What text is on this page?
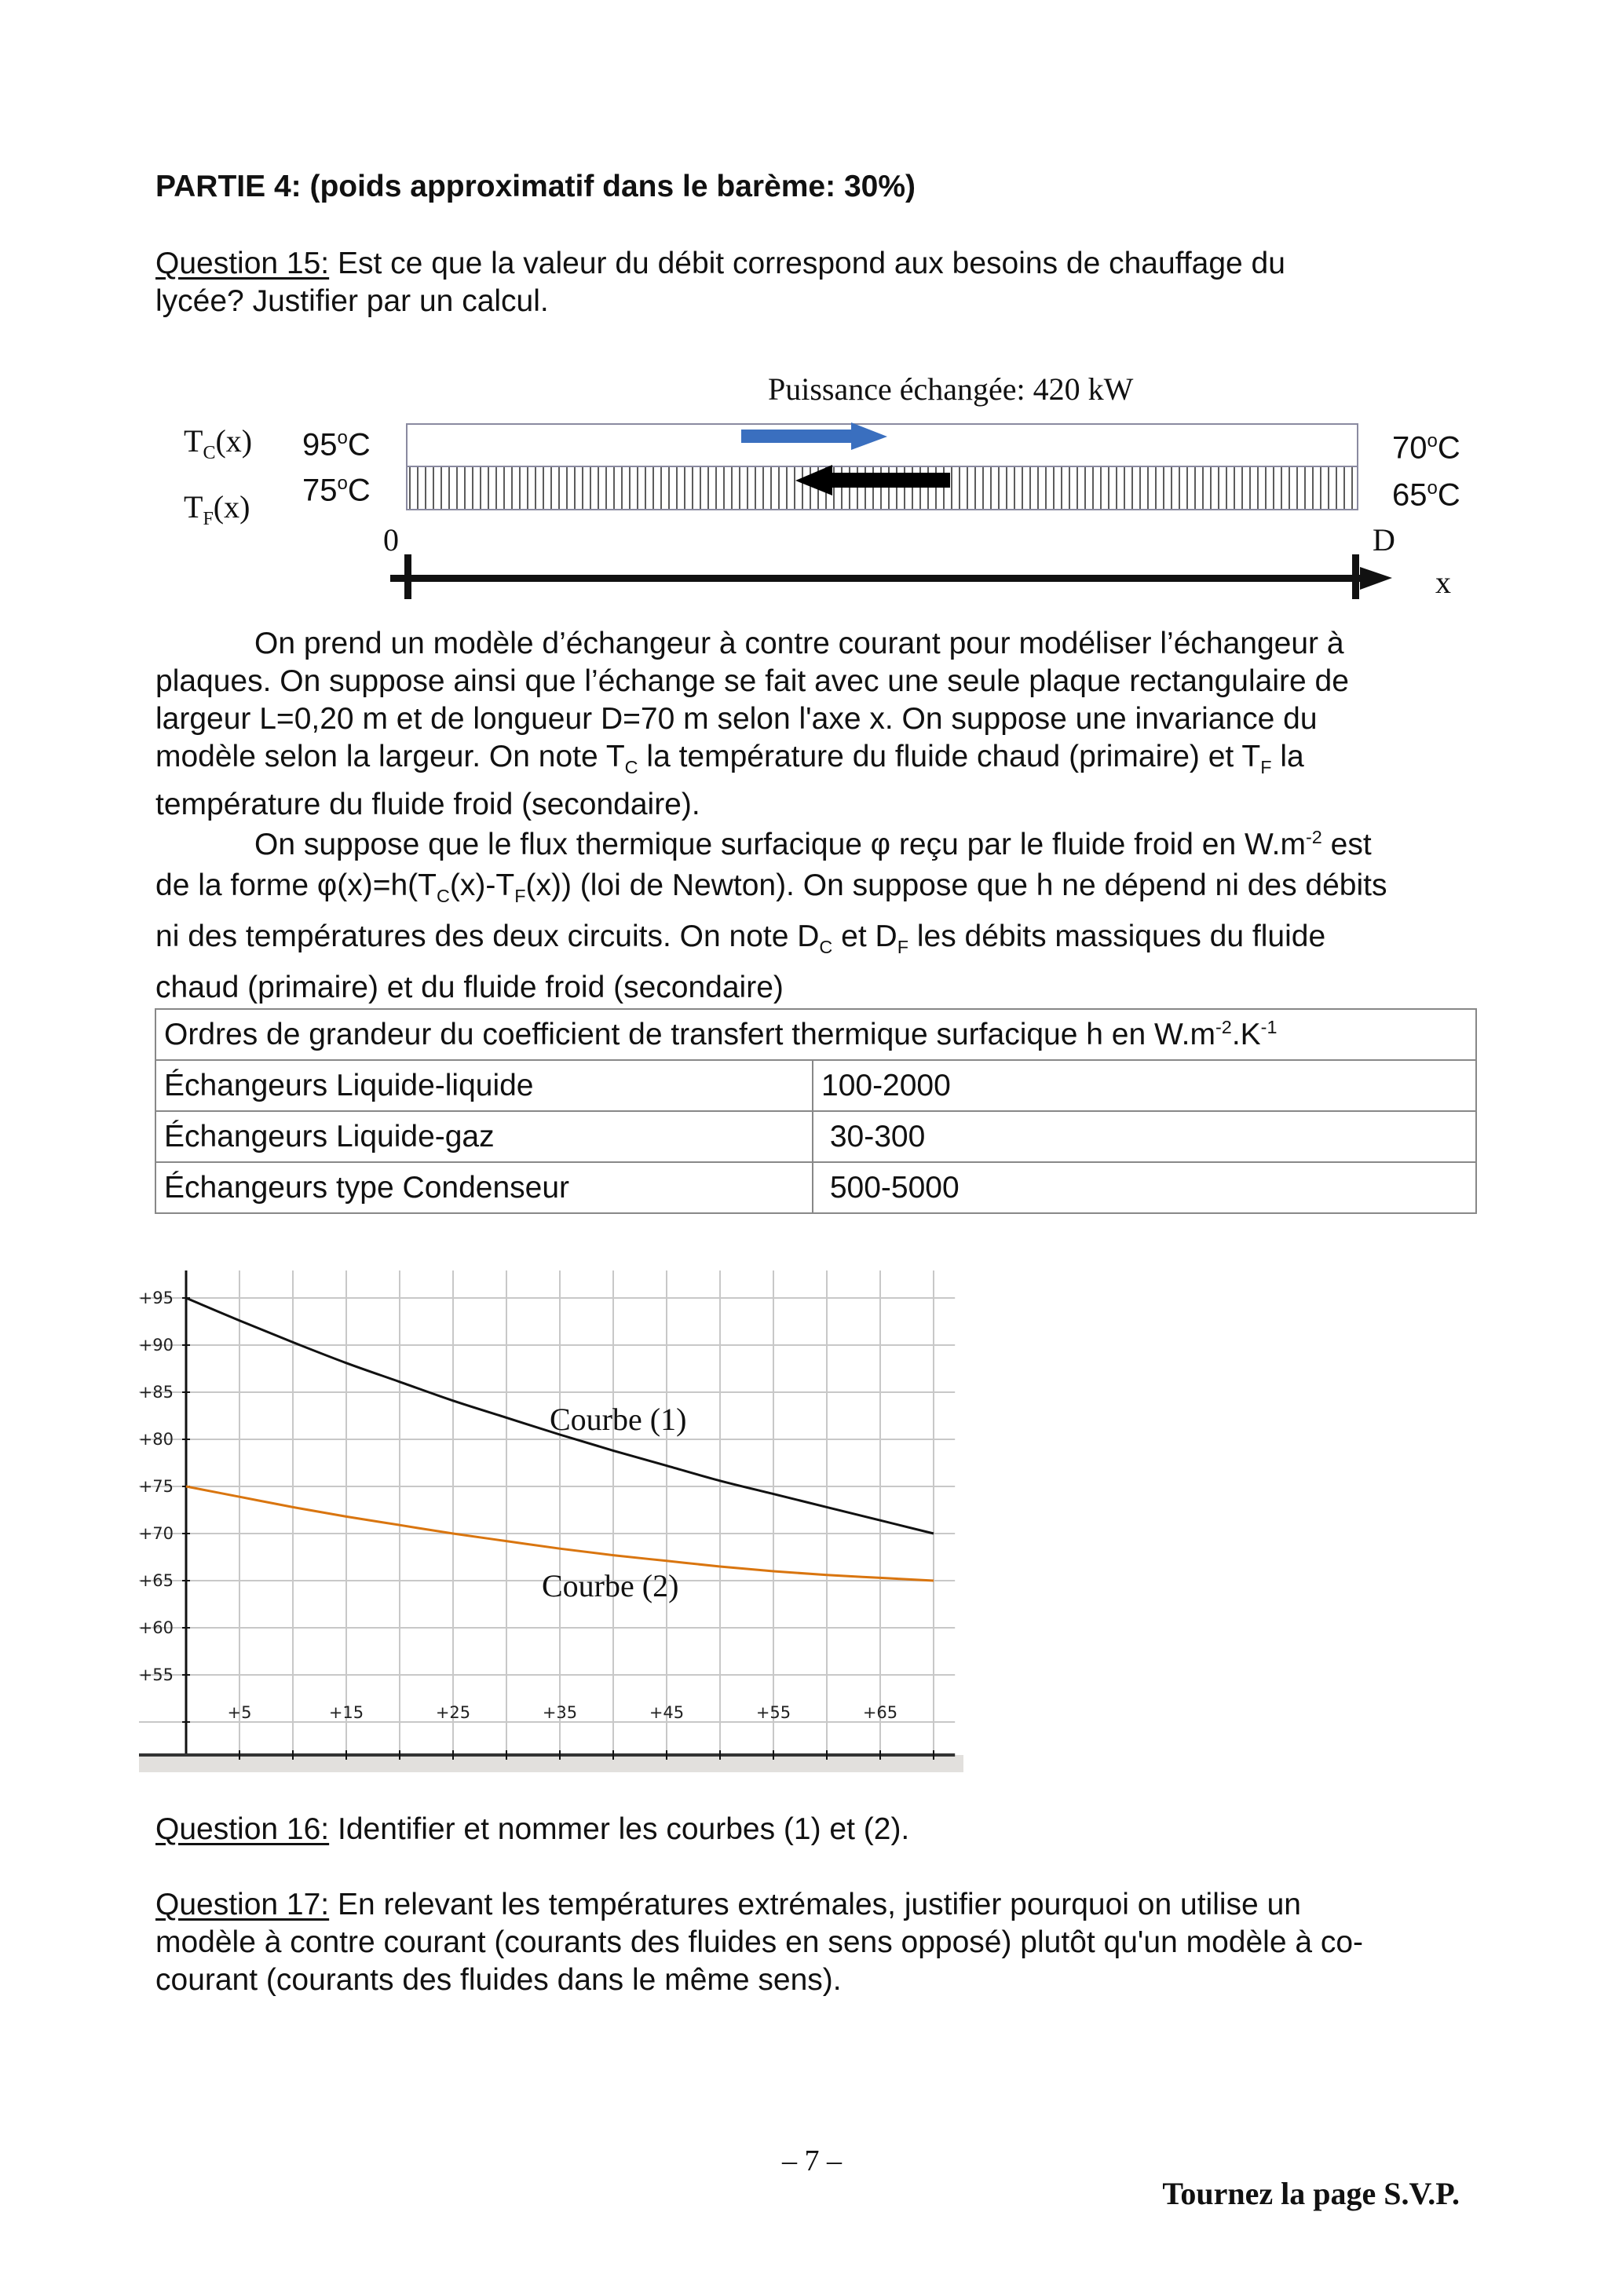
PARTIE 4: (poids approximatif dans le barème: 30%)
Question 15: Est ce que la valeur du débit correspond aux besoins de chauffage du
lycée? Justifier par un calcul.
Puissance échangée: 420 kW
$T_C(x)$
$T_F(x)$
95$^o$C
75$^o$C
70$^o$C
65$^o$C
0	D
x
On prend un modèle d’échangeur à contre courant pour modéliser l’échangeur à
plaques. On suppose ainsi que l’échange se fait avec une seule plaque rectangulaire de
largeur L=0,20 m et de longueur D=70 m selon l'axe x. On suppose une invariance du
modèle selon la largeur. On note $T_C$ la température du fluide chaud (primaire) et $T_F$ la
température du fluide froid (secondaire).
On suppose que le flux thermique surfacique φ reçu par le fluide froid en $W.m^{-2}$ est
de la forme $\varphi(x)=h(T_C(x)-T_F(x))$ (loi de Newton). On suppose que h ne dépend ni des débits
ni des températures des deux circuits. On note $D_C$ et $D_F$ les débits massiques du fluide
chaud (primaire) et du fluide froid (secondaire)
Ordres de grandeur du coefficient de transfert thermique surfacique h en $W.m^{-2}.K^{-1}$
Échangeurs Liquide-liquide	100-2000
Échangeurs Liquide-gaz	30-300
Échangeurs type Condenseur	500-5000
+95
+90
+85
+80
+75
+70
+65
+60
+55
+5	+15	+25	+35	+45	+55	+65
Courbe (1)
Courbe (2)
Question 16: Identifier et nommer les courbes (1) et (2).
Question 17: En relevant les températures extrémales, justifier pourquoi on utilise un
modèle à contre courant (courants des fluides en sens opposé) plutôt qu'un modèle à co-
courant (courants des fluides dans le même sens).
– 7 –
Tournez la page S.V.P.
